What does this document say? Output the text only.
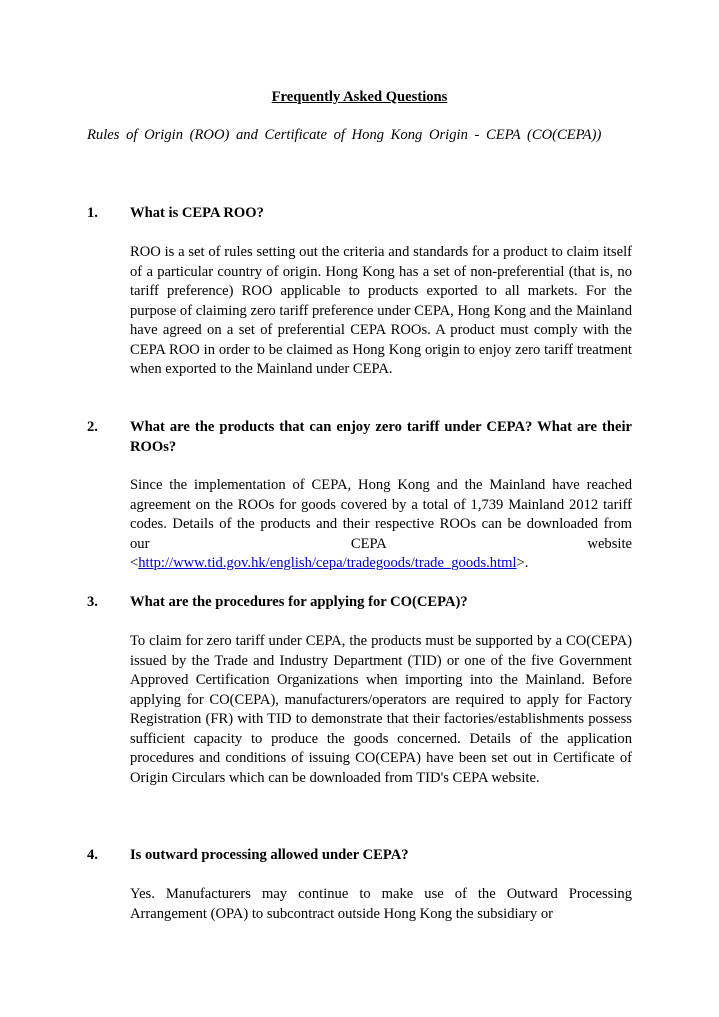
Frequently Asked Questions

Rules of Origin (ROO) and Certificate of Hong Kong Origin - CEPA (CO(CEPA))

1.	What is CEPA ROO?

ROO is a set of rules setting out the criteria and standards for a product to claim itself of a particular country of origin. Hong Kong has a set of non-preferential (that is, no tariff preference) ROO applicable to products exported to all markets. For the purpose of claiming zero tariff preference under CEPA, Hong Kong and the Mainland have agreed on a set of preferential CEPA ROOs. A product must comply with the CEPA ROO in order to be claimed as Hong Kong origin to enjoy zero tariff treatment when exported to the Mainland under CEPA.

2.	What are the products that can enjoy zero tariff under CEPA? What are their ROOs?

Since the implementation of CEPA, Hong Kong and the Mainland have reached agreement on the ROOs for goods covered by a total of 1,739 Mainland 2012 tariff codes. Details of the products and their respective ROOs can be downloaded from our CEPA website <http://www.tid.gov.hk/english/cepa/tradegoods/trade_goods.html>.

3.	What are the procedures for applying for CO(CEPA)?

To claim for zero tariff under CEPA, the products must be supported by a CO(CEPA) issued by the Trade and Industry Department (TID) or one of the five Government Approved Certification Organizations when importing into the Mainland. Before applying for CO(CEPA), manufacturers/operators are required to apply for Factory Registration (FR) with TID to demonstrate that their factories/establishments possess sufficient capacity to produce the goods concerned. Details of the application procedures and conditions of issuing CO(CEPA) have been set out in Certificate of Origin Circulars which can be downloaded from TID's CEPA website.

4.	Is outward processing allowed under CEPA?

Yes. Manufacturers may continue to make use of the Outward Processing Arrangement (OPA) to subcontract outside Hong Kong the subsidiary or
